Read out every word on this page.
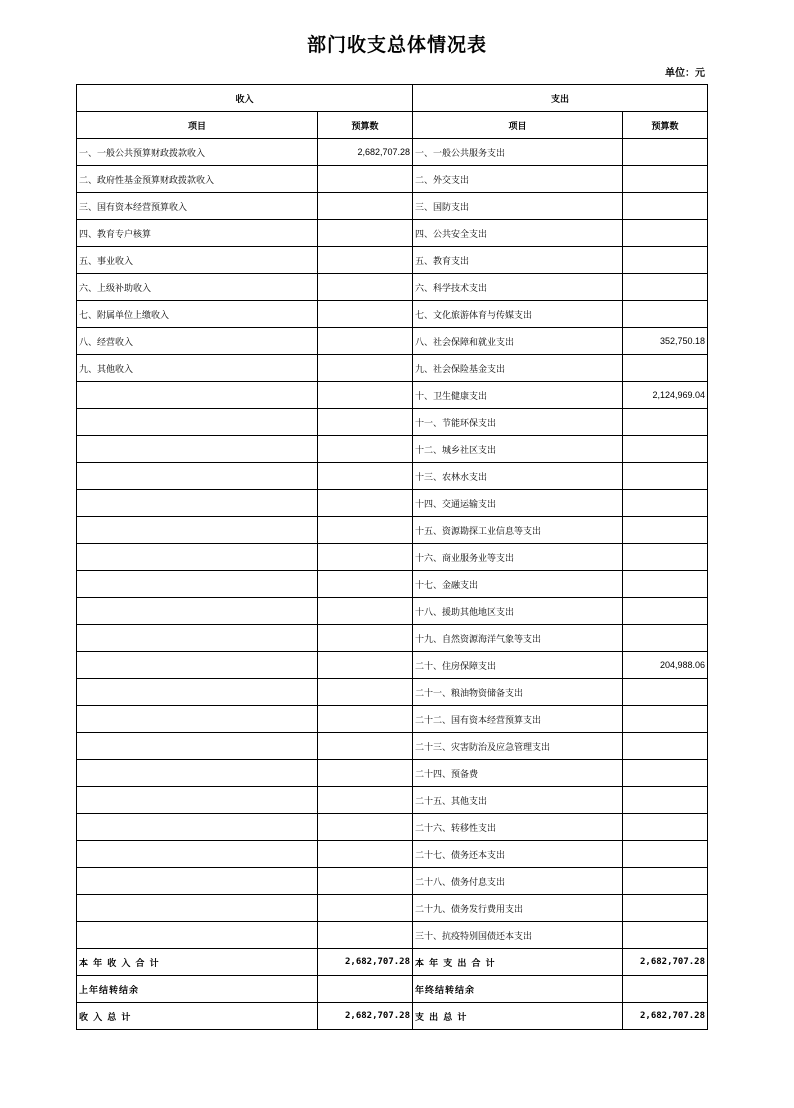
部门收支总体情况表
单位：元
收入		支出	
项目	预算数	项目	预算数
一、一般公共预算财政拨款收入	2,682,707.28	一、一般公共服务支出	
二、政府性基金预算财政拨款收入		二、外交支出	
三、国有资本经营预算收入		三、国防支出	
四、教育专户核算		四、公共安全支出	
五、事业收入		五、教育支出	
六、上级补助收入		六、科学技术支出	
七、附属单位上缴收入		七、文化旅游体育与传媒支出	
八、经营收入		八、社会保障和就业支出	352,750.18
九、其他收入		九、社会保险基金支出	
		十、卫生健康支出	2,124,969.04
		十一、节能环保支出	
		十二、城乡社区支出	
		十三、农林水支出	
		十四、交通运输支出	
		十五、资源勘探工业信息等支出	
		十六、商业服务业等支出	
		十七、金融支出	
		十八、援助其他地区支出	
		十九、自然资源海洋气象等支出	
		二十、住房保障支出	204,988.06
		二十一、粮油物资储备支出	
		二十二、国有资本经营预算支出	
		二十三、灾害防治及应急管理支出	
		二十四、预备费	
		二十五、其他支出	
		二十六、转移性支出	
		二十七、债务还本支出	
		二十八、债务付息支出	
		二十九、债务发行费用支出	
		三十、抗疫特别国债还本支出	
本 年 收 入 合 计	2,682,707.28	本 年 支 出 合 计	2,682,707.28
上年结转结余		年终结转结余	
收 入 总 计	2,682,707.28	支 出 总 计	2,682,707.28
